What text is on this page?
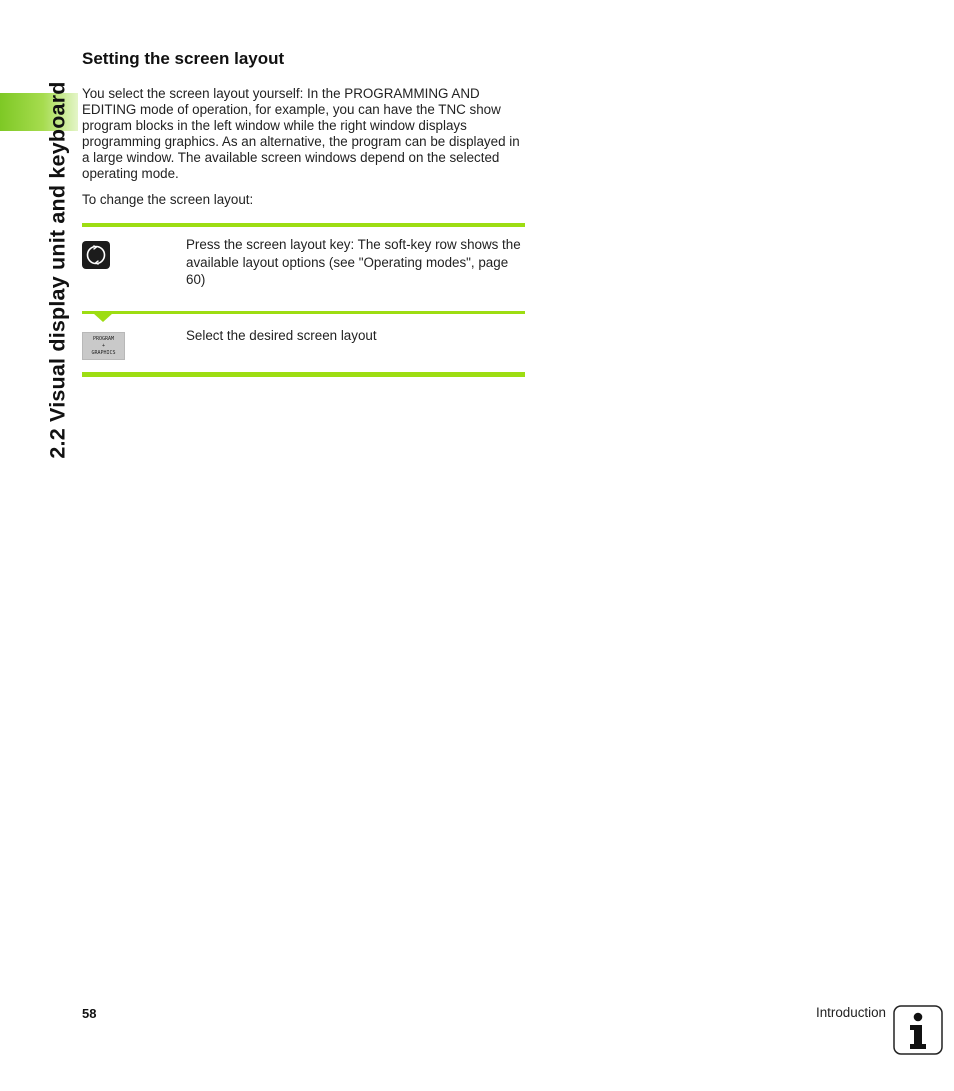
2.2 Visual display unit and keyboard
Setting the screen layout

You select the screen layout yourself: In the PROGRAMMING AND EDITING mode of operation, for example, you can have the TNC show program blocks in the left window while the right window displays programming graphics. As an alternative, the program can be displayed in a large window. The available screen windows depend on the selected operating mode.

To change the screen layout:

Press the screen layout key: The soft-key row shows the available layout options (see "Operating modes", page 60)

PROGRAM
+
GRAPHICS

Select the desired screen layout

58	Introduction
